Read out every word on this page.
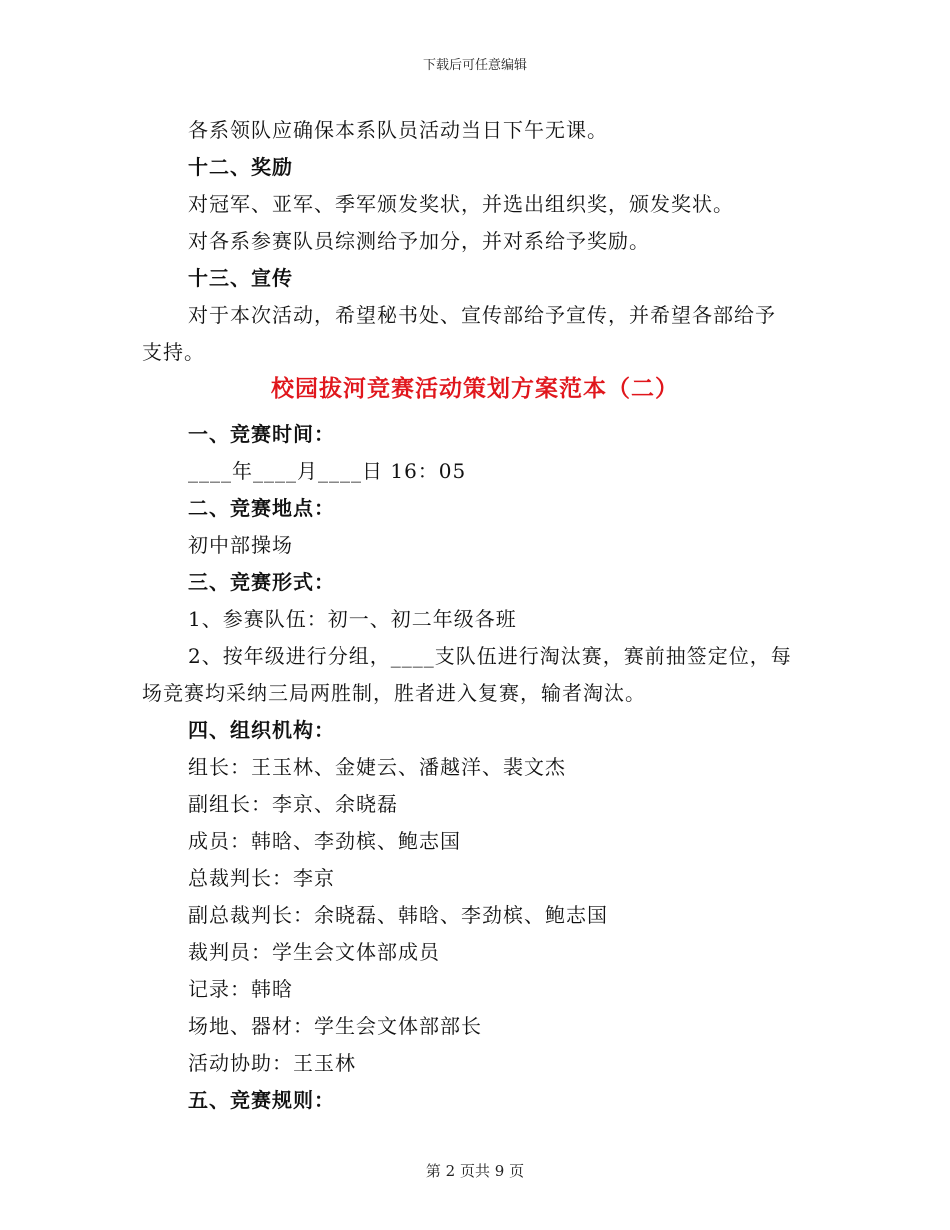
下载后可任意编辑
各系领队应确保本系队员活动当日下午无课。
十二、奖励
对冠军、亚军、季军颁发奖状，并选出组织奖，颁发奖状。
对各系参赛队员综测给予加分，并对系给予奖励。
十三、宣传
对于本次活动，希望秘书处、宣传部给予宣传，并希望各部给予
支持。
校园拔河竞赛活动策划方案范本（二）
一、竞赛时间：
____年____月____日 16：05
二、竞赛地点：
初中部操场
三、竞赛形式：
1、参赛队伍：初一、初二年级各班
2、按年级进行分组，____支队伍进行淘汰赛，赛前抽签定位，每
场竞赛均采纳三局两胜制，胜者进入复赛，输者淘汰。
四、组织机构：
组长：王玉林、金婕云、潘越洋、裴文杰
副组长：李京、余晓磊
成员：韩晗、李劲槟、鲍志国
总裁判长：李京
副总裁判长：余晓磊、韩晗、李劲槟、鲍志国
裁判员：学生会文体部成员
记录：韩晗
场地、器材：学生会文体部部长
活动协助：王玉林
五、竞赛规则：
第 2 页共 9 页
